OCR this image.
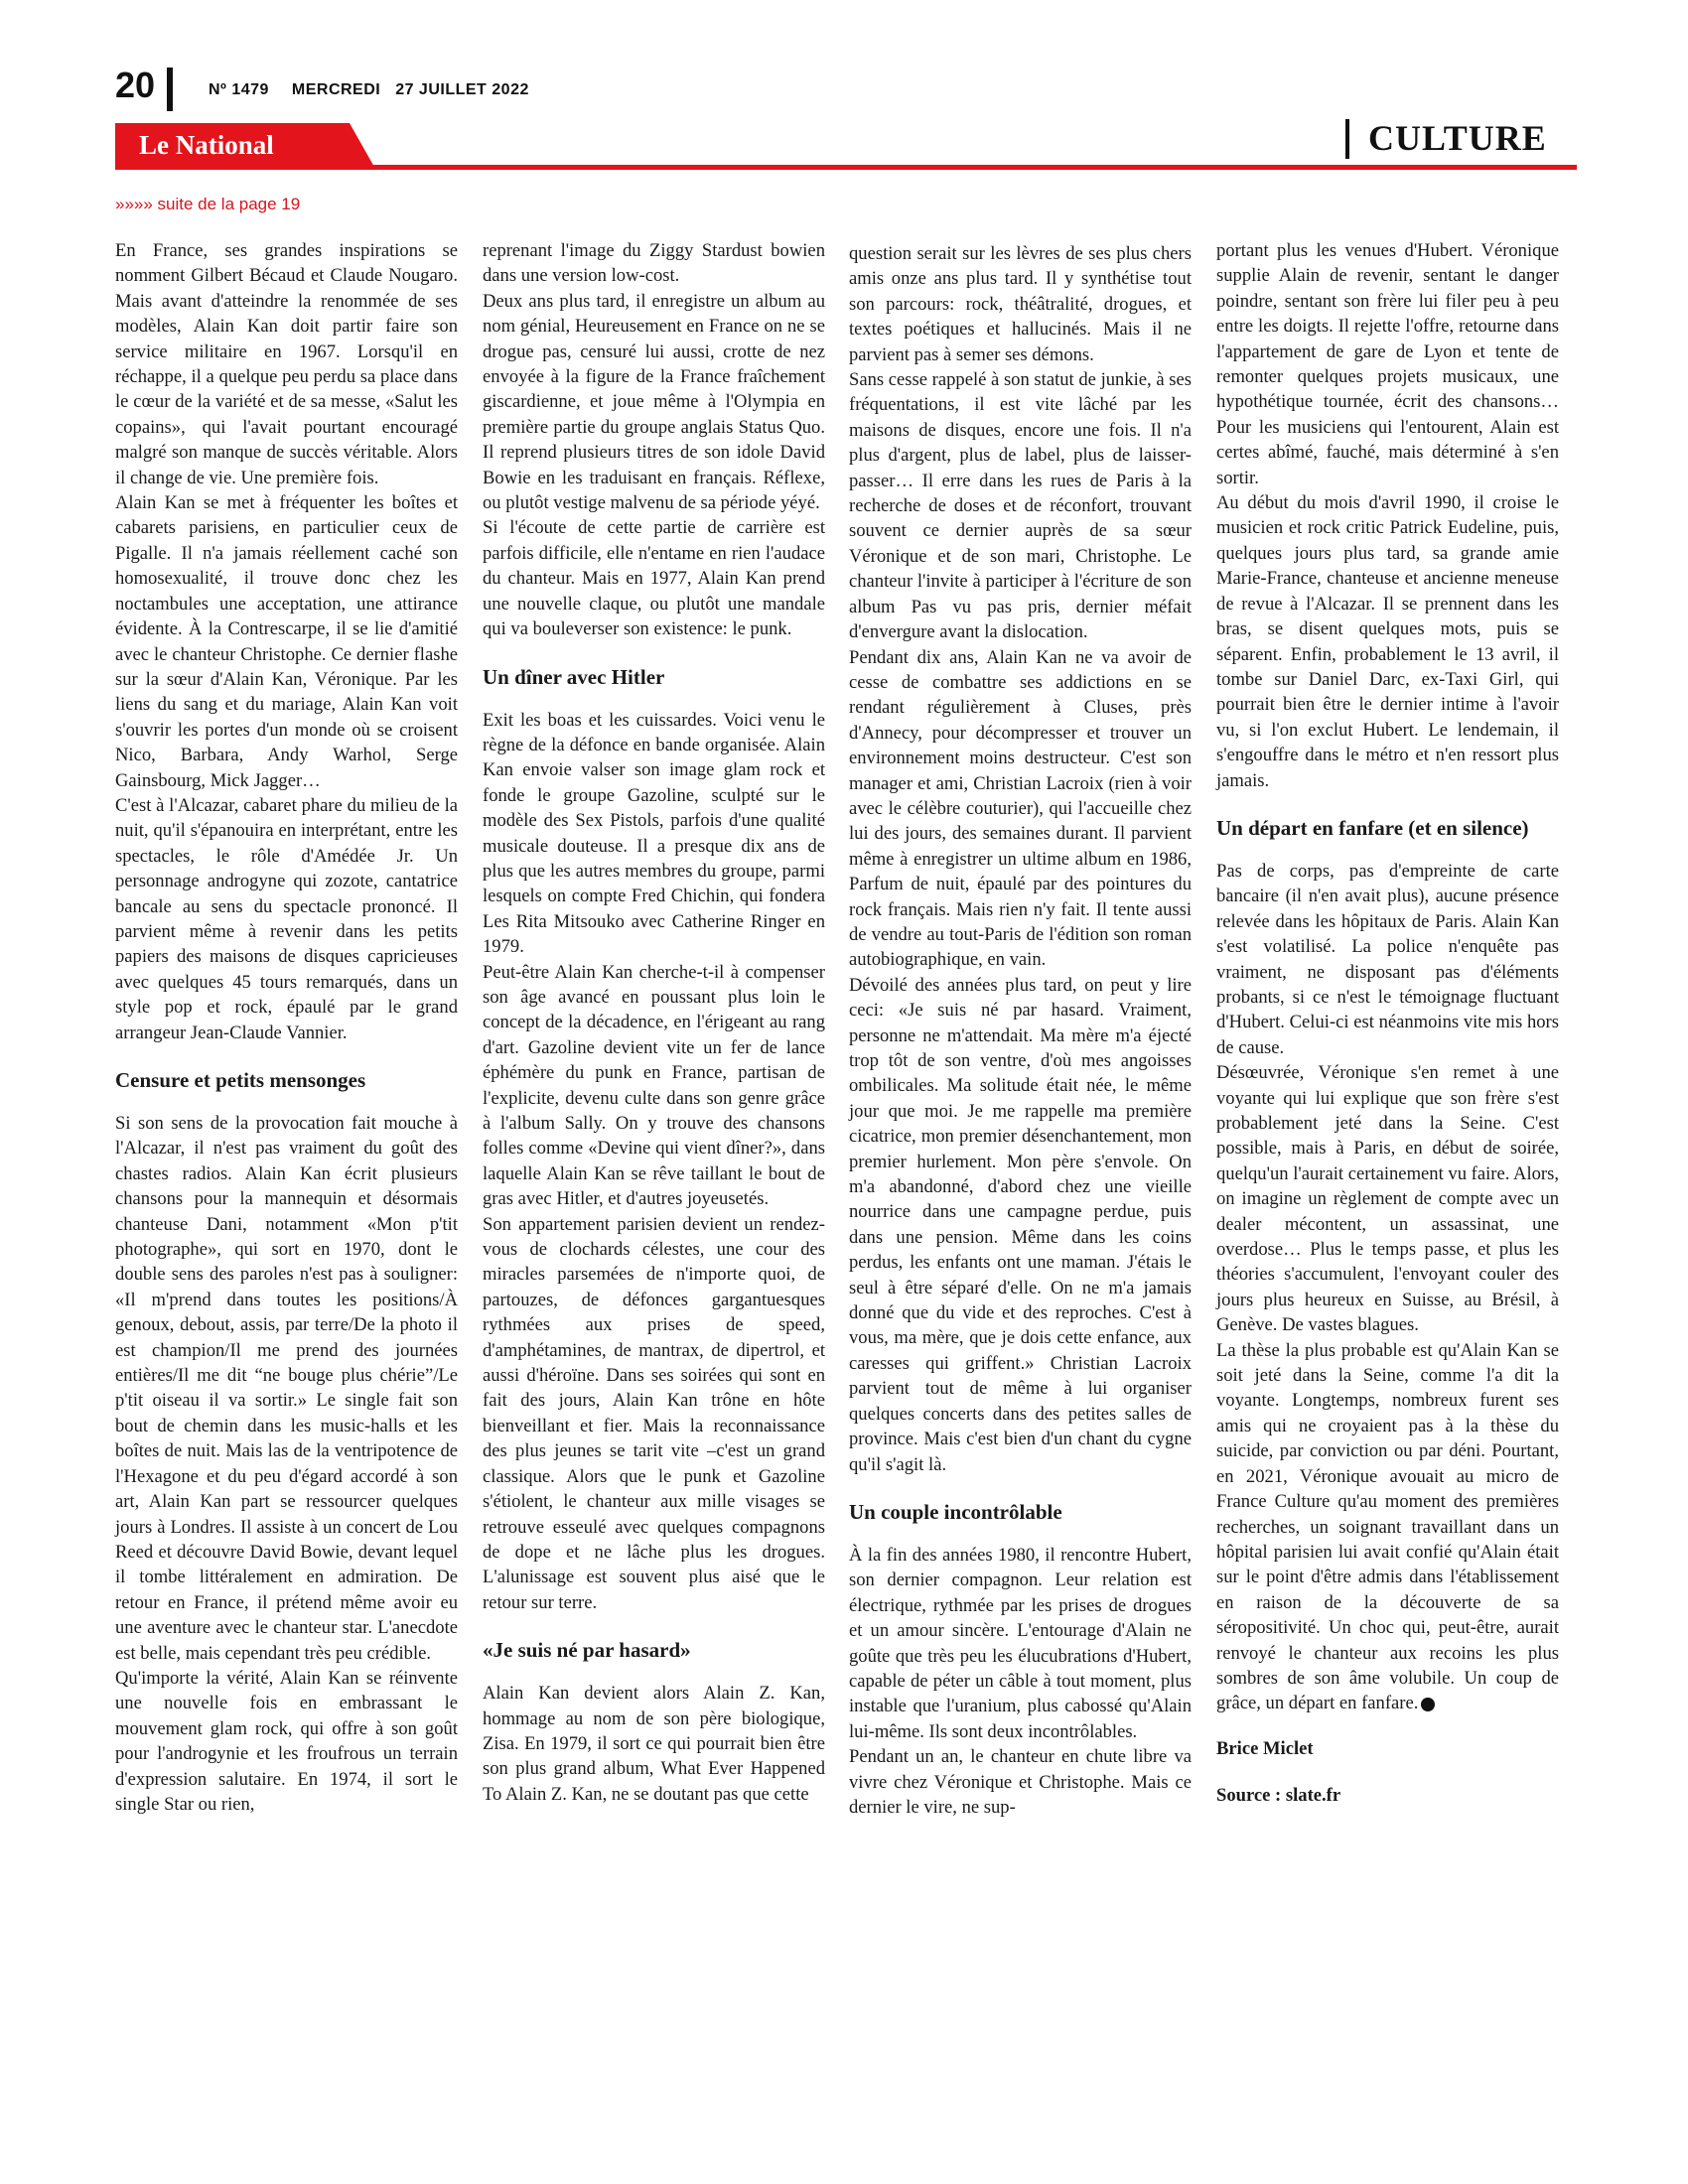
20	Nº 1479 MERCREDI 27 JUILLET 2022
Le National	CULTURE
»»»» suite de la page 19

En France, ses grandes inspirations se nomment Gilbert Bécaud et Claude Nougaro. Mais avant d'atteindre la renommée de ses modèles, Alain Kan doit partir faire son service militaire en 1967. Lorsqu'il en réchappe, il a quelque peu perdu sa place dans le cœur de la variété et de sa messe, «Salut les copains», qui l'avait pourtant encouragé malgré son manque de succès véritable. Alors il change de vie. Une première fois.

Alain Kan se met à fréquenter les boîtes et cabarets parisiens, en particulier ceux de Pigalle. Il n'a jamais réellement caché son homosexualité, il trouve donc chez les noctambules une acceptation, une attirance évidente. À la Contrescarpe, il se lie d'amitié avec le chanteur Christophe. Ce dernier flashe sur la sœur d'Alain Kan, Véronique. Par les liens du sang et du mariage, Alain Kan voit s'ouvrir les portes d'un monde où se croisent Nico, Barbara, Andy Warhol, Serge Gainsbourg, Mick Jagger…

C'est à l'Alcazar, cabaret phare du milieu de la nuit, qu'il s'épanouira en interprétant, entre les spectacles, le rôle d'Amédée Jr. Un personnage androgyne qui zozote, cantatrice bancale au sens du spectacle prononcé. Il parvient même à revenir dans les petits papiers des maisons de disques capricieuses avec quelques 45 tours remarqués, dans un style pop et rock, épaulé par le grand arrangeur Jean-Claude Vannier.

Censure et petits mensonges

Si son sens de la provocation fait mouche à l'Alcazar, il n'est pas vraiment du goût des chastes radios. Alain Kan écrit plusieurs chansons pour la mannequin et désormais chanteuse Dani, notamment «Mon p'tit photographe», qui sort en 1970, dont le double sens des paroles n'est pas à souligner: «Il m'prend dans toutes les positions/À genoux, debout, assis, par terre/De la photo il est champion/Il me prend des journées entières/Il me dit “ne bouge plus chérie”/Le p'tit oiseau il va sortir.» Le single fait son bout de chemin dans les music-halls et les boîtes de nuit. Mais las de la ventripotence de l'Hexagone et du peu d'égard accordé à son art, Alain Kan part se ressourcer quelques jours à Londres. Il assiste à un concert de Lou Reed et découvre David Bowie, devant lequel il tombe littéralement en admiration. De retour en France, il prétend même avoir eu une aventure avec le chanteur star. L'anecdote est belle, mais cependant très peu crédible.

Qu'importe la vérité, Alain Kan se réinvente une nouvelle fois en embrassant le mouvement glam rock, qui offre à son goût pour l'androgynie et les froufrous un terrain d'expression salutaire. En 1974, il sort le single Star ou rien,

reprenant l'image du Ziggy Stardust bowien dans une version low-cost.

Deux ans plus tard, il enregistre un album au nom génial, Heureusement en France on ne se drogue pas, censuré lui aussi, crotte de nez envoyée à la figure de la France fraîchement giscardienne, et joue même à l'Olympia en première partie du groupe anglais Status Quo. Il reprend plusieurs titres de son idole David Bowie en les traduisant en français. Réflexe, ou plutôt vestige malvenu de sa période yéyé.

Si l'écoute de cette partie de carrière est parfois difficile, elle n'entame en rien l'audace du chanteur. Mais en 1977, Alain Kan prend une nouvelle claque, ou plutôt une mandale qui va bouleverser son existence: le punk.

Un dîner avec Hitler

Exit les boas et les cuissardes. Voici venu le règne de la défonce en bande organisée. Alain Kan envoie valser son image glam rock et fonde le groupe Gazoline, sculpté sur le modèle des Sex Pistols, parfois d'une qualité musicale douteuse. Il a presque dix ans de plus que les autres membres du groupe, parmi lesquels on compte Fred Chichin, qui fondera Les Rita Mitsouko avec Catherine Ringer en 1979.

Peut-être Alain Kan cherche-t-il à compenser son âge avancé en poussant plus loin le concept de la décadence, en l'érigeant au rang d'art. Gazoline devient vite un fer de lance éphémère du punk en France, partisan de l'explicite, devenu culte dans son genre grâce à l'album Sally. On y trouve des chansons folles comme «Devine qui vient dîner?», dans laquelle Alain Kan se rêve taillant le bout de gras avec Hitler, et d'autres joyeusetés.

Son appartement parisien devient un rendez-vous de clochards célestes, une cour des miracles parsemées de n'importe quoi, de partouzes, de défonces gargantuesques rythmées aux prises de speed, d'amphétamines, de mantrax, de dipertrol, et aussi d'héroïne. Dans ses soirées qui sont en fait des jours, Alain Kan trône en hôte bienveillant et fier. Mais la reconnaissance des plus jeunes se tarit vite –c'est un grand classique. Alors que le punk et Gazoline s'étiolent, le chanteur aux mille visages se retrouve esseulé avec quelques compagnons de dope et ne lâche plus les drogues. L'alunissage est souvent plus aisé que le retour sur terre.

«Je suis né par hasard»

Alain Kan devient alors Alain Z. Kan, hommage au nom de son père biologique, Zisa. En 1979, il sort ce qui pourrait bien être son plus grand album, What Ever Happened To Alain Z. Kan, ne se doutant pas que cette

question serait sur les lèvres de ses plus chers amis onze ans plus tard. Il y synthétise tout son parcours: rock, théâtralité, drogues, et textes poétiques et hallucinés. Mais il ne parvient pas à semer ses démons.

Sans cesse rappelé à son statut de junkie, à ses fréquentations, il est vite lâché par les maisons de disques, encore une fois. Il n'a plus d'argent, plus de label, plus de laisser-passer… Il erre dans les rues de Paris à la recherche de doses et de réconfort, trouvant souvent ce dernier auprès de sa sœur Véronique et de son mari, Christophe. Le chanteur l'invite à participer à l'écriture de son album Pas vu pas pris, dernier méfait d'envergure avant la dislocation.

Pendant dix ans, Alain Kan ne va avoir de cesse de combattre ses addictions en se rendant régulièrement à Cluses, près d'Annecy, pour décompresser et trouver un environnement moins destructeur. C'est son manager et ami, Christian Lacroix (rien à voir avec le célèbre couturier), qui l'accueille chez lui des jours, des semaines durant. Il parvient même à enregistrer un ultime album en 1986, Parfum de nuit, épaulé par des pointures du rock français. Mais rien n'y fait. Il tente aussi de vendre au tout-Paris de l'édition son roman autobiographique, en vain.

Dévoilé des années plus tard, on peut y lire ceci: «Je suis né par hasard. Vraiment, personne ne m'attendait. Ma mère m'a éjecté trop tôt de son ventre, d'où mes angoisses ombilicales. Ma solitude était née, le même jour que moi. Je me rappelle ma première cicatrice, mon premier désenchantement, mon premier hurlement. Mon père s'envole. On m'a abandonné, d'abord chez une vieille nourrice dans une campagne perdue, puis dans une pension. Même dans les coins perdus, les enfants ont une maman. J'étais le seul à être séparé d'elle. On ne m'a jamais donné que du vide et des reproches. C'est à vous, ma mère, que je dois cette enfance, aux caresses qui griffent.» Christian Lacroix parvient tout de même à lui organiser quelques concerts dans des petites salles de province. Mais c'est bien d'un chant du cygne qu'il s'agit là.

Un couple incontrôlable

À la fin des années 1980, il rencontre Hubert, son dernier compagnon. Leur relation est électrique, rythmée par les prises de drogues et un amour sincère. L'entourage d'Alain ne goûte que très peu les élucubrations d'Hubert, capable de péter un câble à tout moment, plus instable que l'uranium, plus cabossé qu'Alain lui-même. Ils sont deux incontrôlables.

Pendant un an, le chanteur en chute libre va vivre chez Véronique et Christophe. Mais ce dernier le vire, ne sup-

portant plus les venues d'Hubert. Véronique supplie Alain de revenir, sentant le danger poindre, sentant son frère lui filer peu à peu entre les doigts. Il rejette l'offre, retourne dans l'appartement de gare de Lyon et tente de remonter quelques projets musicaux, une hypothétique tournée, écrit des chansons… Pour les musiciens qui l'entourent, Alain est certes abîmé, fauché, mais déterminé à s'en sortir.

Au début du mois d'avril 1990, il croise le musicien et rock critic Patrick Eudeline, puis, quelques jours plus tard, sa grande amie Marie-France, chanteuse et ancienne meneuse de revue à l'Alcazar. Il se prennent dans les bras, se disent quelques mots, puis se séparent. Enfin, probablement le 13 avril, il tombe sur Daniel Darc, ex-Taxi Girl, qui pourrait bien être le dernier intime à l'avoir vu, si l'on exclut Hubert. Le lendemain, il s'engouffre dans le métro et n'en ressort plus jamais.

Un départ en fanfare (et en silence)

Pas de corps, pas d'empreinte de carte bancaire (il n'en avait plus), aucune présence relevée dans les hôpitaux de Paris. Alain Kan s'est volatilisé. La police n'enquête pas vraiment, ne disposant pas d'éléments probants, si ce n'est le témoignage fluctuant d'Hubert. Celui-ci est néanmoins vite mis hors de cause.

Désœuvrée, Véronique s'en remet à une voyante qui lui explique que son frère s'est probablement jeté dans la Seine. C'est possible, mais à Paris, en début de soirée, quelqu'un l'aurait certainement vu faire. Alors, on imagine un règlement de compte avec un dealer mécontent, un assassinat, une overdose… Plus le temps passe, et plus les théories s'accumulent, l'envoyant couler des jours plus heureux en Suisse, au Brésil, à Genève. De vastes blagues.

La thèse la plus probable est qu'Alain Kan se soit jeté dans la Seine, comme l'a dit la voyante. Longtemps, nombreux furent ses amis qui ne croyaient pas à la thèse du suicide, par conviction ou par déni. Pourtant, en 2021, Véronique avouait au micro de France Culture qu'au moment des premières recherches, un soignant travaillant dans un hôpital parisien lui avait confié qu'Alain était sur le point d'être admis dans l'établissement en raison de la découverte de sa séropositivité. Un choc qui, peut-être, aurait renvoyé le chanteur aux recoins les plus sombres de son âme volubile. Un coup de grâce, un départ en fanfare.

Brice Miclet

Source : slate.fr
